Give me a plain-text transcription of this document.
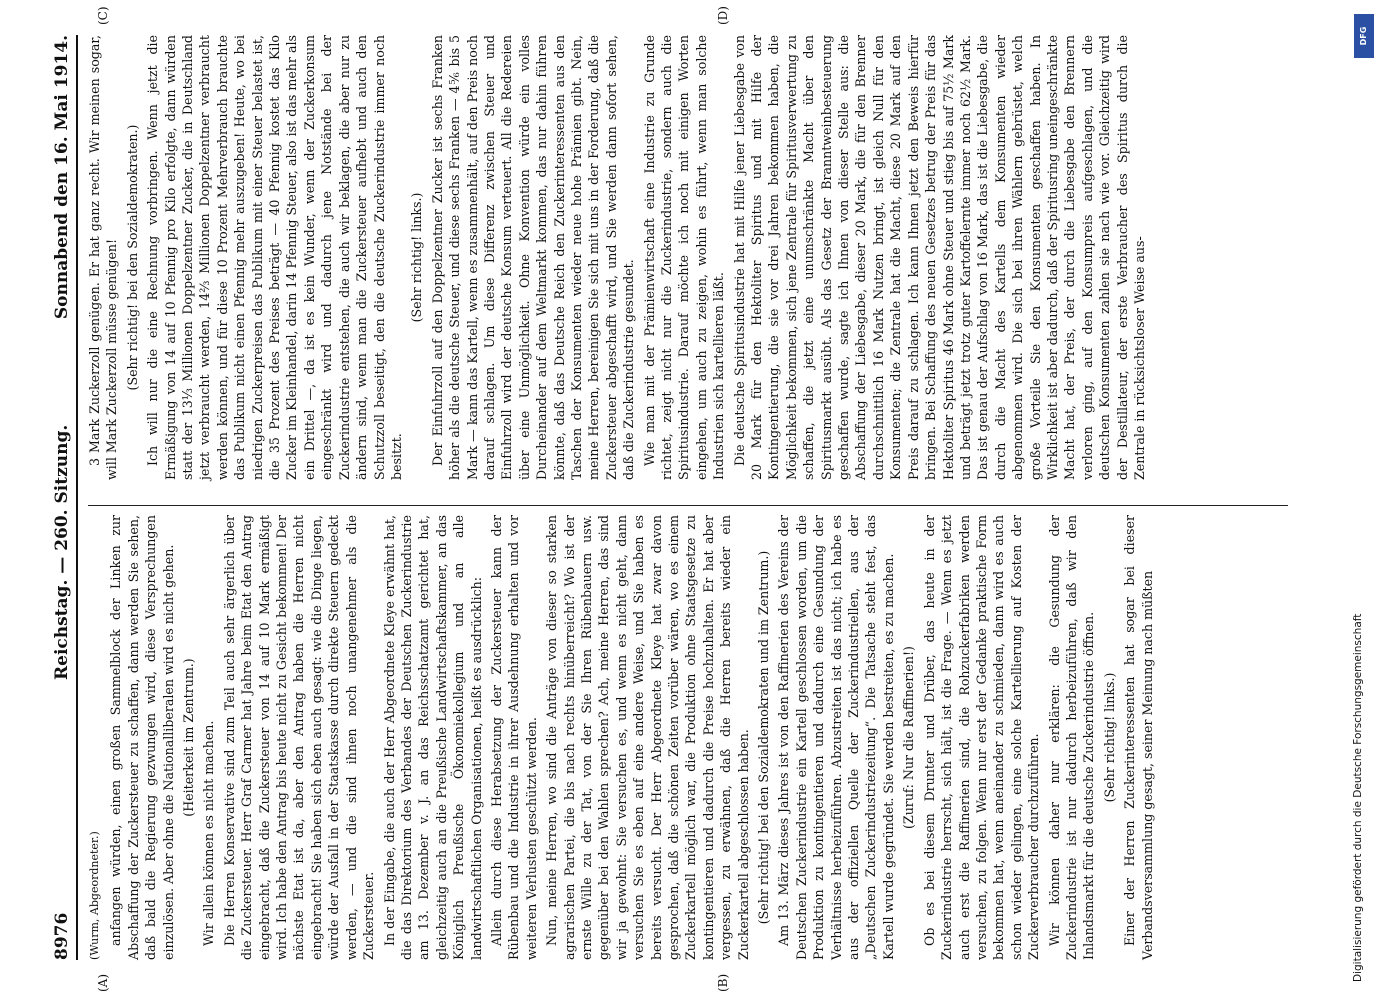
8976
Reichstag. — 260. Sitzung.
Sonnabend den 16. Mai 1914.
(A)	(B)
(C)	(D)
(Wurm, Abgeordneter.) anfangen würden, einen großen Sammelblock der Linken zur Abschaffung der Zuckersteuer zu schaffen, dann werden Sie sehen, daß bald die Regierung gezwungen wird, diese Versprechungen einzulösen. Aber ohne die Nationalliberalen wird es nicht gehen. (Heiterkeit im Zentrum.) Wir allein können es nicht machen. Die Herren Konservative sind zum Teil auch sehr ärgerlich über die Zuckersteuer. Herr Graf Carmer hat Jahre beim Etat den Antrag eingebracht, daß die Zuckersteuer von 14 auf 10 Mark ermäßigt wird. Ich habe den Antrag bis heute nicht zu Gesicht bekommen! Der nächste Etat ist da, aber den Antrag haben die Herren nicht eingebracht! Sie haben sich eben auch gesagt: wie die Dinge liegen, würde der Ausfall in der Staatskasse durch direkte Steuern gedeckt werden, — und die sind ihnen noch unangenehmer als die Zuckersteuer. In der Eingabe, die auch der Herr Abgeordnete Kleye erwähnt hat, die das Direktorium des Verbandes der Deutschen Zuckerindustrie am 13. Dezember v. J. an das Reichsschatzamt gerichtet hat, gleichzeitig auch an die Preußische Landwirtschaftskammer, an das Königlich Preußische Ökonomiekollegium und an alle landwirtschaftlichen Organisationen, heißt es ausdrücklich: Allein durch diese Herabsetzung der Zuckersteuer kann der Rübenbau und die Industrie in ihrer Ausdehnung erhalten und vor weiteren Verlusten geschützt werden. Nun, meine Herren, wo sind die Anträge von dieser so starken agrarischen Partei, die bis nach rechts hinüberreicht? Wo ist der ernste Wille zu der Tat, von der Sie Ihren Rübenbauern usw. gegenüber bei den Wahlen sprechen? Ach, meine Herren, das sind wir ja gewohnt: Sie versuchen es, und wenn es nicht geht, dann versuchen Sie es eben auf eine andere Weise, und Sie haben es bereits versucht. Der Herr Abgeordnete Kleye hat zwar davon gesprochen, daß die schönen Zeiten vorüber wären, wo es einem Zuckerkartell möglich war, die Produktion ohne Staatsgesetze zu kontingentieren und dadurch die Preise hochzuhalten. Er hat aber vergessen, zu erwähnen, daß die Herren bereits wieder ein Zuckerkartell abgeschlossen haben. (Sehr richtig! bei den Sozialdemokraten und im Zentrum.) Am 13. März dieses Jahres ist von den Raffinerien des Vereins der Deutschen Zuckerindustrie ein Kartell geschlossen worden, um die Produktion zu kontingentieren und dadurch eine Gesundung der Verhältnisse herbeizuführen. Abzustreiten ist das nicht; ich habe es aus der offiziellen Quelle der Zuckerindustriellen, aus der „Deutschen Zuckerindustriezeitung“. Die Tatsache steht fest, das Kartell wurde gegründet. Sie werden bestreiten, es zu machen. (Zuruf: Nur die Raffinerien!) Ob es bei diesem Drunter und Drüber, das heute in der Zuckerindustrie herrscht, sich hält, ist die Frage. — Wenn es jetzt auch erst die Raffinerien sind, die Rohzuckerfabriken werden versuchen, zu folgen. Wenn nur erst der Gedanke praktische Form bekommen hat, wenn aneinander zu schmieden, dann wird es auch schon wieder gelingen, eine solche Kartellierung auf Kosten der Zuckerverbraucher durchzuführen. Wir können daher nur erklären: die Gesundung der Zuckerindustrie ist nur dadurch herbeizuführen, daß wir den Inlandsmarkt für die deutsche Zuckerindustrie öffnen. (Sehr richtig! links.) Einer der Herren Zuckerinteressenten hat sogar bei dieser Verbandsversammlung gesagt, seiner Meinung nach müßten

3 Mark Zuckerzoll genügen. Er hat ganz recht. Wir meinen sogar, will Mark Zuckerzoll müsse genügen! (Sehr richtig! bei den Sozialdemokraten.) Ich will nur die eine Rechnung vorbringen. Wenn jetzt die Ermäßigung von 14 auf 10 Pfennig pro Kilo erfolgte, dann würden statt der 13⅓ Millionen Doppelzentner Zucker, die in Deutschland jetzt verbraucht werden, 14⅔ Millionen Doppelzentner verbraucht werden können, und für diese 10 Prozent Mehrverbrauch brauchte das Publikum nicht einen Pfennig mehr auszugeben! Heute, wo bei niedrigen Zuckerpreisen das Publikum mit einer Steuer belastet ist, die 35 Prozent des Preises beträgt — 40 Pfennig kostet das Kilo Zucker im Kleinhandel, darin 14 Pfennig Steuer, also ist das mehr als ein Drittel —, da ist es kein Wunder, wenn der Zuckerkonsum eingeschränkt wird und dadurch jene Notstände bei der Zuckerindustrie entstehen, die auch wir beklagen, die aber nur zu ändern sind, wenn man die Zuckersteuer aufhebt und auch den Schutzzoll beseitigt, den die deutsche Zuckerindustrie immer noch besitzt.

(Sehr richtig! links.) Der Einfuhrzoll auf den Doppelzentner Zucker ist sechs Franken höher als die deutsche Steuer, und diese sechs Franken — 4⅚ bis 5 Mark — kann das Kartell, wenn es zusammenhält, auf den Preis noch darauf schlagen. Um diese Differenz zwischen Steuer und Einfuhrzoll wird der deutsche Konsum verteuert. All die Redereien über eine Unmöglichkeit. Ohne Konvention würde ein volles Durcheinander auf dem Weltmarkt kommen, das nur dahin führen könnte, daß das Deutsche Reich den Zuckerinteressenten aus den Taschen der Konsumenten wieder neue hohe Prämien gibt. Nein, meine Herren, bereinigen Sie sich mit uns in der Forderung, daß die Zuckersteuer abgeschafft wird, und Sie werden dann sofort sehen, daß die Zuckerindustrie gesundet. Wie man mit der Prämienwirtschaft eine Industrie zu Grunde richtet, zeigt nicht nur die Zuckerindustrie, sondern auch die Spiritusindustrie. Darauf möchte ich noch mit einigen Worten eingehen, um auch zu zeigen, wohin es führt, wenn man solche Industrien sich kartellieren läßt. Die deutsche Spiritusindustrie hat mit Hilfe jener Liebesgabe von 20 Mark für den Hektoliter Spiritus und mit Hilfe der Kontingentierung, die sie vor drei Jahren bekommen haben, die Möglichkeit bekommen, sich jene Zentrale für Spiritusverwertung zu schaffen, die jetzt eine unumschränkte Macht über den Spiritusmarkt ausübt. Als das Gesetz der Branntweinbesteuerung geschaffen wurde, sagte ich Ihnen von dieser Stelle aus: die Abschaffung der Liebesgabe, dieser 20 Mark, die für den Brenner durchschnittlich 16 Mark Nutzen bringt, ist gleich Null für den Konsumenten; die Zentrale hat die Macht, diese 20 Mark auf den Preis darauf zu schlagen. Ich kann Ihnen jetzt den Beweis hierfür bringen. Bei Schaffung des neuen Gesetzes betrug der Preis für das Hektoliter Spiritus 46 Mark ohne Steuer und stieg bis auf 75½ Mark und beträgt jetzt trotz guter Kartoffelernte immer noch 62½ Mark. Das ist genau der Aufschlag von 16 Mark, das ist die Liebesgabe, die durch die Macht des Kartells dem Konsumenten wieder abgenommen wird. Die sich bei ihren Wählern gebrüstet, welch große Vorteile Sie den Konsumenten geschaffen haben. In Wirklichkeit ist aber dadurch, daß der Spiritusring uneingeschränkte Macht hat, der Preis, der durch die Liebesgabe den Brennern verloren ging, auf den Konsumpreis aufgeschlagen, und die deutschen Konsumenten zahlen sie nach wie vor. Gleichzeitig wird der Destillateur, der erste Verbraucher des Spiritus durch die Zentrale in rücksichtsloser Weise aus-

DFG
Digitalisierung gefördert durch die Deutsche Forschungsgemeinschaft
